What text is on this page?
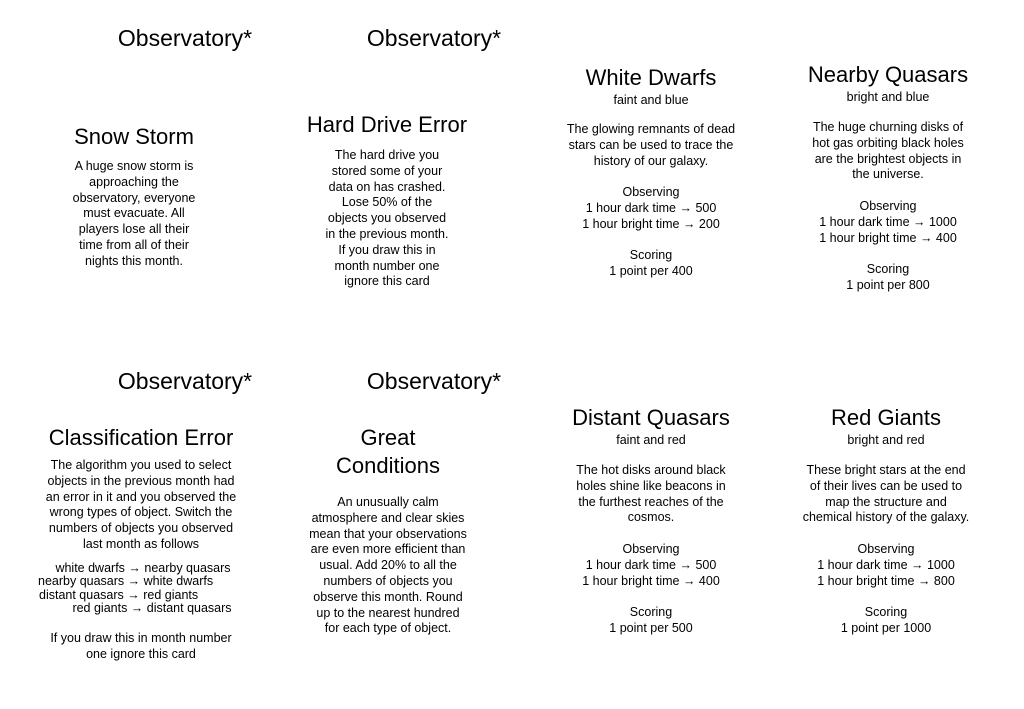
Observatory*	Observatory*
Observatory*	Observatory*
Snow Storm
A huge snow storm is
approaching the
observatory, everyone
must evacuate. All
players lose all their
time from all of their
nights this month.
Hard Drive Error
The hard drive you
stored some of your
data on has crashed.
Lose 50% of the
objects you observed
in the previous month.
If you draw this in
month number one
ignore this card
White Dwarfs
faint and blue
The glowing remnants of dead
stars can be used to trace the
history of our galaxy.
Observing
1 hour dark time → 500
1 hour bright time → 200
Scoring
1 point per 400
Nearby Quasars
bright and blue
The huge churning disks of
hot gas orbiting black holes
are the brightest objects in
the universe.
Observing
1 hour dark time → 1000
1 hour bright time → 400
Scoring
1 point per 800
Classification Error
The algorithm you used to select
objects in the previous month had
an error in it and you observed the
wrong types of object. Switch the
numbers of objects you observed
last month as follows
white dwarfs → nearby quasars
nearby quasars → white dwarfs
distant quasars → red giants
red giants → distant quasars
If you draw this in month number
one ignore this card
Great
Conditions
An unusually calm
atmosphere and clear skies
mean that your observations
are even more efficient than
usual. Add 20% to all the
numbers of objects you
observe this month. Round
up to the nearest hundred
for each type of object.
Distant Quasars
faint and red
The hot disks around black
holes shine like beacons in
the furthest reaches of the
cosmos.
Observing
1 hour dark time → 500
1 hour bright time → 400
Scoring
1 point per 500
Red Giants
bright and red
These bright stars at the end
of their lives can be used to
map the structure and
chemical history of the galaxy.
Observing
1 hour dark time → 1000
1 hour bright time → 800
Scoring
1 point per 1000
